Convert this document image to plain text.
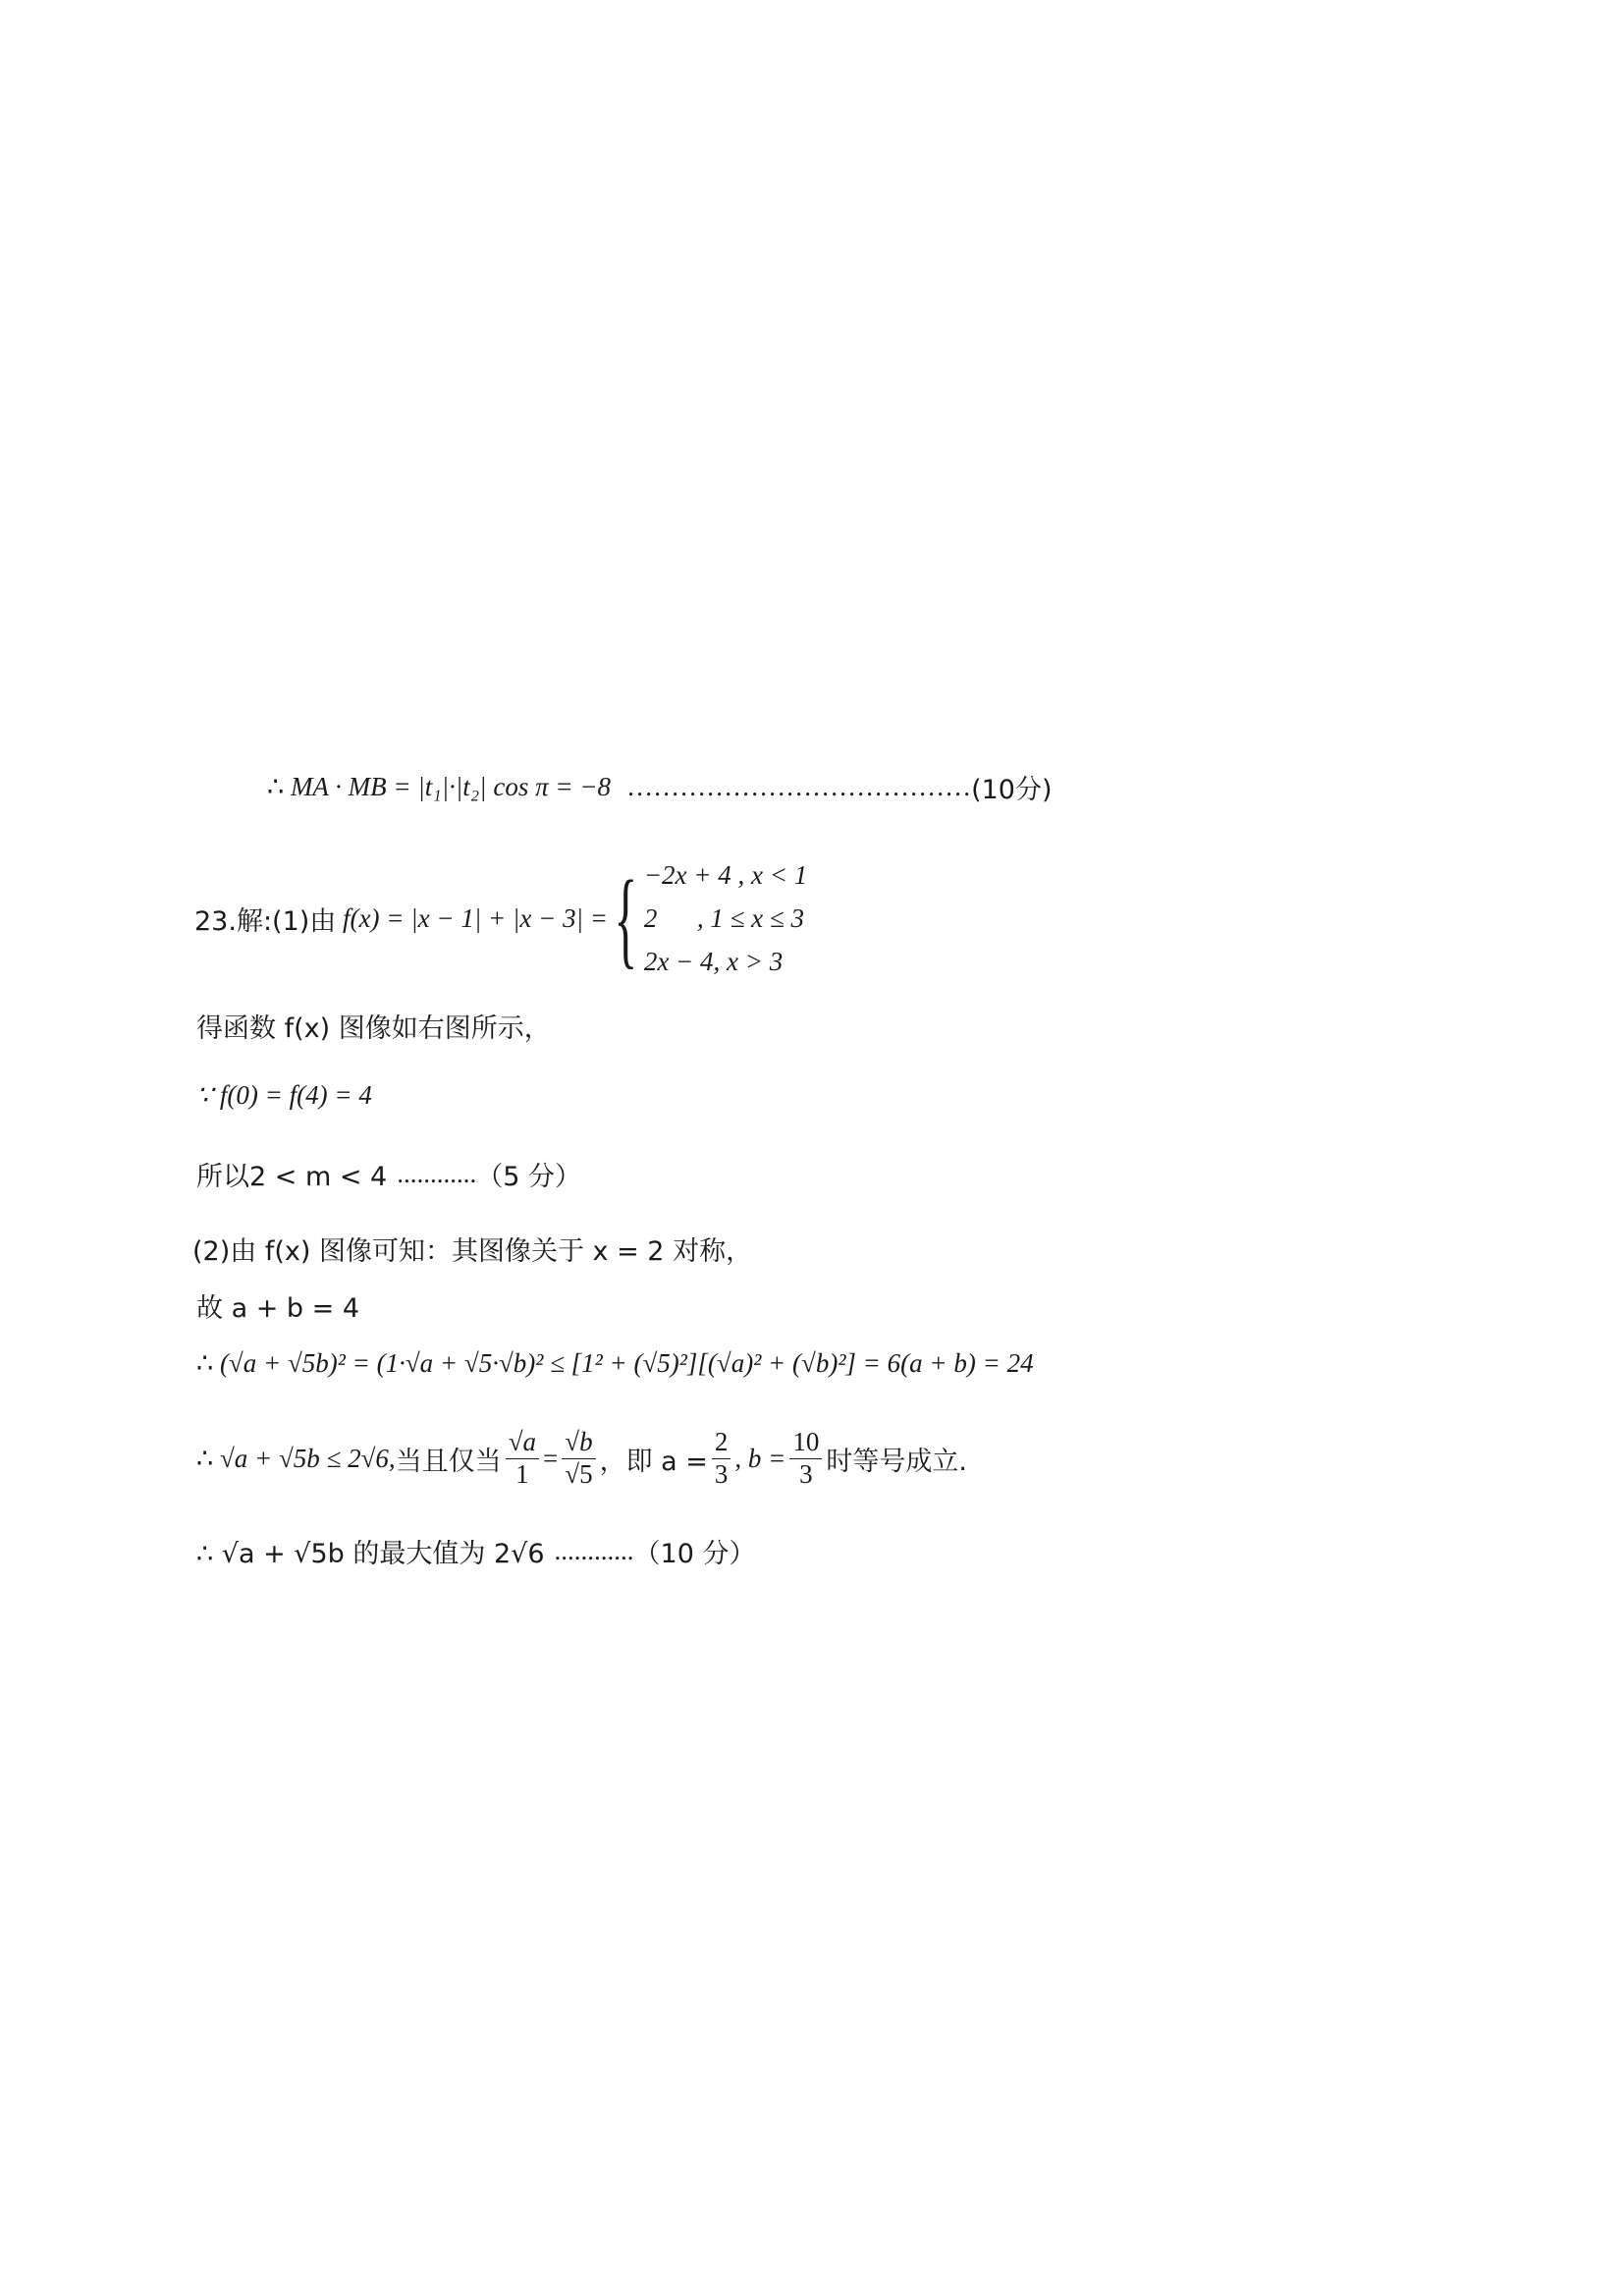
∴ MA · MB = |t₁|·|t₂| cos π = −8 ………………………………… (10分)
23.解:(1)由
f(x) = |x − 1| + |x − 3| = { −2x + 4 , x < 1
2      , 1 ≤ x ≤ 3
2x − 4, x > 3
得函数 f(x) 图像如右图所示，
∵ f(0) = f(4) = 4
所以2 < m < 4 ............ （5 分）
(2)由 f(x) 图像可知：其图像关于 x = 2 对称，
故 a + b = 4
∴
(√a + √5b)² = (1·√a + √5·√b)² ≤
[1² + (√5)²][(√a)² + (√b)²] = 6(a + b) = 24
∴
√a + √5b ≤ 2√6, 当且仅当 $\frac{√a}{1} = \frac{√b}{√5}$ ，即 $a = \frac{2}{3}$ , $b = \frac{10}{3}$ 时等号成立.
∴ √a + √5b 的最大值为 2√6 ............ （10 分）
